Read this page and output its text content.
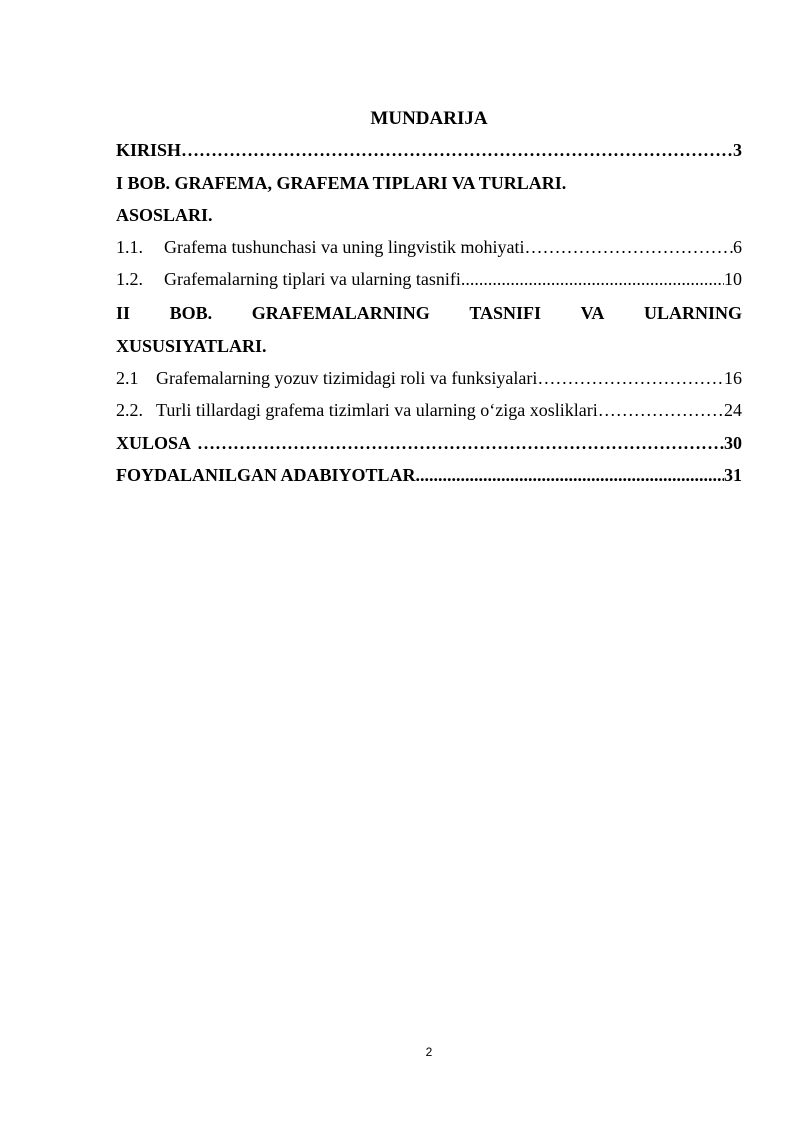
MUNDARIJA
KIRISH ………………………………………………………………………………………………………………………………………………………………………………………………………………………………	3
I BOB. GRAFEMA, GRAFEMA TIPLARI VA TURLARI.
ASOSLARI.
1.1.	Grafema tushunchasi va uning lingvistik mohiyati ………………………………………………………………………………………………………………………………………………………………………………………………………………………………	6
1.2.	Grafemalarning tiplari va ularning tasnifi .....	10
II BOB. GRAFEMALARNING TASNIFI VA ULARNING
XUSUSIYATLARI.
2.1 Grafemalarning yozuv tizimidagi roli va funksiyalari ………………………………………………………………………………………………………………………………………………………………………………………………………………………………	16
2.2. Turli tillardagi grafema tizimlari va ularning o‘ziga xosliklari ………………………………………………………………………………………………………………………………………………………………………………………………………………………………	24
XULOSA ………………………………………………………………………………………………………………………………………………………………………………………………………………………………	30
FOYDALANILGAN ADABIYOTLAR .....	31
2
